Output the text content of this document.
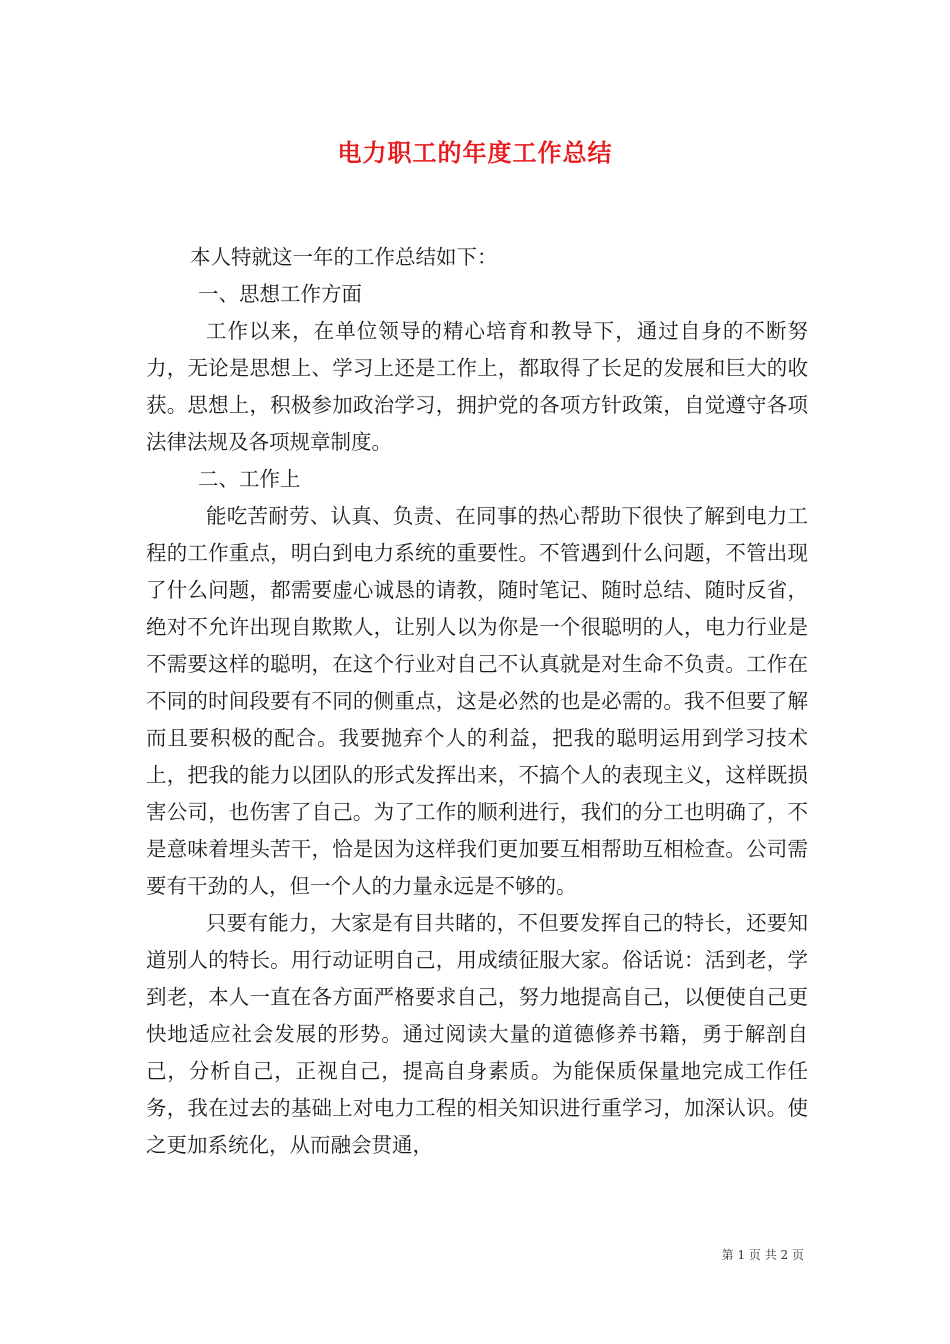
电力职工的年度工作总结

本人特就这一年的工作总结如下：

一、思想工作方面

工作以来，在单位领导的精心培育和教导下，通过自身的不断努力，无论是思想上、学习上还是工作上，都取得了长足的发展和巨大的收获。思想上，积极参加政治学习，拥护党的各项方针政策，自觉遵守各项法律法规及各项规章制度。

二、工作上

能吃苦耐劳、认真、负责、在同事的热心帮助下很快了解到电力工程的工作重点，明白到电力系统的重要性。不管遇到什么问题，不管出现了什么问题，都需要虚心诚恳的请教，随时笔记、随时总结、随时反省，绝对不允许出现自欺欺人，让别人以为你是一个很聪明的人，电力行业是不需要这样的聪明，在这个行业对自己不认真就是对生命不负责。工作在不同的时间段要有不同的侧重点，这是必然的也是必需的。我不但要了解而且要积极的配合。我要抛弃个人的利益，把我的聪明运用到学习技术上，把我的能力以团队的形式发挥出来，不搞个人的表现主义，这样既损害公司，也伤害了自己。为了工作的顺利进行，我们的分工也明确了，不是意味着埋头苦干，恰是因为这样我们更加要互相帮助互相检查。公司需要有干劲的人，但一个人的力量永远是不够的。

只要有能力，大家是有目共睹的，不但要发挥自己的特长，还要知道别人的特长。用行动证明自己，用成绩征服大家。俗话说：活到老，学到老，本人一直在各方面严格要求自己，努力地提高自己，以便使自己更快地适应社会发展的形势。通过阅读大量的道德修养书籍，勇于解剖自己，分析自己，正视自己，提高自身素质。为能保质保量地完成工作任务，我在过去的基础上对电力工程的相关知识进行重学习，加深认识。使之更加系统化，从而融会贯通，

第 1 页 共 2 页
